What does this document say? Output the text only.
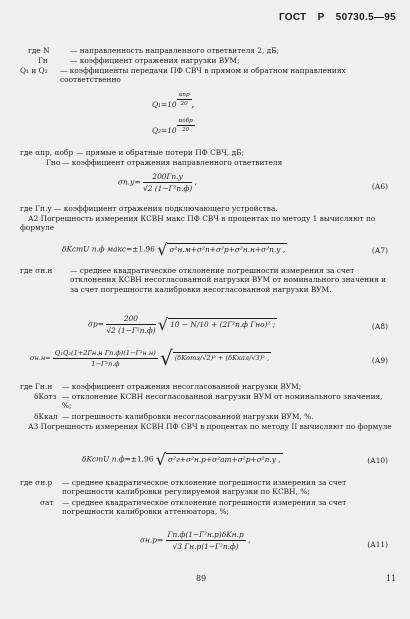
ГОСТ Р 50730.5—95
где N	— направленность направленного ответвителя 2, дБ;
Гн	— коэффициент отражения нагрузки ВУМ;
Q₁ и Q₂ — коэффициенты передачи ПФ СВЧ в прямом и обратном направлениях соответственно
$Q_1=10 \frac{\text{αпр}}{20}$ ,
$Q_2=10 \frac{\text{αобр}}{20}$
где αпр, αобр — прямые и обратные потери ПФ СВЧ, дБ;
Гно — коэффициент отражения направленного ответвителя
$\sigma п.у= \frac{200Гп.у}{\text{√2 (1−Г²п.ф)}}$ ,	(А6)
где Гп.у — коэффициент отражения подключающего устройства.
А2 Погрешность измерения КСВН макс ПФ СВЧ в процентах по методу 1 вычисляют по формуле
δKстU п.ф макс=±1,96 √ σ²н.м+σ²п+σ²р+σ²н.н+σ²п.у ,	(А7)
где σн.н — среднее квадратическое отклонение погрешности измерения за счет отклонения КСВН несогласованной нагрузки ВУМ от номинального значения и за счет погрешности калибровки несогласованной нагрузки ВУМ.
$\sigma р= \frac{200}{\text{√2 (1−Г²п.ф)}}$ √ 10 − N/10 + (2Г²п.ф Гно)² ;	(А8)
$\sigma н.н= \frac{\text{Q₁Q₂(1+2Гн.н Гп.ф)(1−Г²н.н)}}{\text{1−Г²п.ф}}$ √ (δKотз/√2)² + (δKкал/√3)² ,	(А9)
где Гн.н — коэффициент отражения несогласованной нагрузки ВУМ;
δKотз — отклонение КСВН несогласованной нагрузки ВУМ от номинального значения, %;
δKкал — погрешность калибровки несогласованной нагрузки ВУМ, %.
А3 Погрешность измерения КСВН ПФ СВЧ в процентах по методу II вычисляют по формуле
δKстU п.ф=±1,96 √ σ²г+σ²н.р+σ²ат+σ²р+σ²п.у ,	(А10)
где σн.р — среднее квадратическое отклонение погрешности измерения за счет погрешности калибровки регулируемой нагрузки по КСВН, %;
σат — среднее квадратическое отклонение погрешности измерения за счет погрешности калибровки аттенюатора, %;
$\sigma н.р= \frac{\text{Гп.ф(1−Г²н.р)δKн.р}}{\text{√3 Гн.р(1−Г²п.ф)}}$ ,	(А11)
89	11
